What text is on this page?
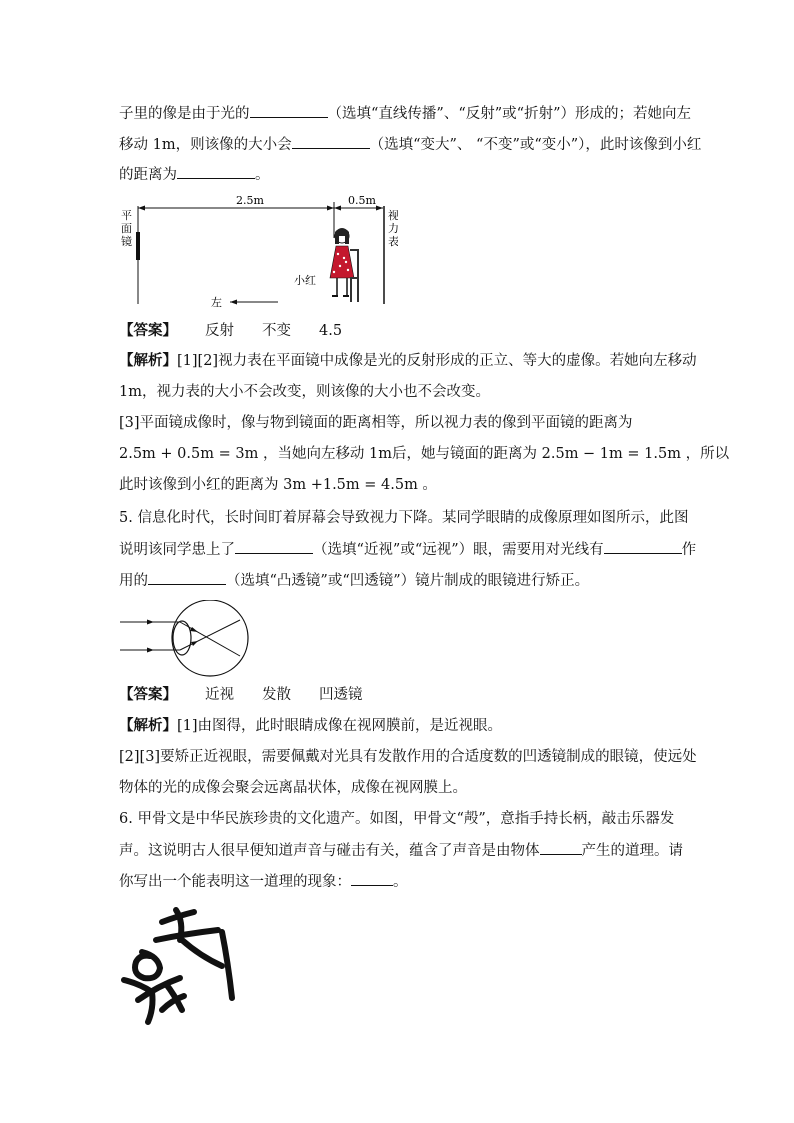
子里的像是由于光的	（选填“直线传播”、“反射”或“折射”）形成的；若她向左
移动 1m，则该像的大小会	（选填“变大”、 “不变”或“变小”），此时该像到小红
的距离为	。
平
面
镜
2.5m	0.5m
视
力
表
小红
左
【答案】 反射 不变 4.5
【解析】[1][2]视力表在平面镜中成像是光的反射形成的正立、等大的虚像。若她向左移动
1m，视力表的大小不会改变，则该像的大小也不会改变。
[3]平面镜成像时，像与物到镜面的距离相等，所以视力表的像到平面镜的距离为
2.5m + 0.5m = 3m ，当她向左移动 1m后，她与镜面的距离为 2.5m − 1m = 1.5m ，所以
此时该像到小红的距离为 3m +1.5m = 4.5m 。
5. 信息化时代，长时间盯着屏幕会导致视力下降。某同学眼睛的成像原理如图所示，此图
说明该同学患上了	（选填“近视”或“远视”）眼，需要用对光线有	作
用的	（选填“凸透镜”或“凹透镜”）镜片制成的眼镜进行矫正。
【答案】 近视 发散 凹透镜
【解析】[1]由图得，此时眼睛成像在视网膜前，是近视眼。
[2][3]要矫正近视眼，需要佩戴对光具有发散作用的合适度数的凹透镜制成的眼镜，使远处
物体的光的成像会聚会远离晶状体，成像在视网膜上。
6. 甲骨文是中华民族珍贵的文化遗产。如图，甲骨文“殸”，意指手持长柄，敲击乐器发
声。这说明古人很早便知道声音与碰击有关，蕴含了声音是由物体	产生的道理。请
你写出一个能表明这一道理的现象：	。
